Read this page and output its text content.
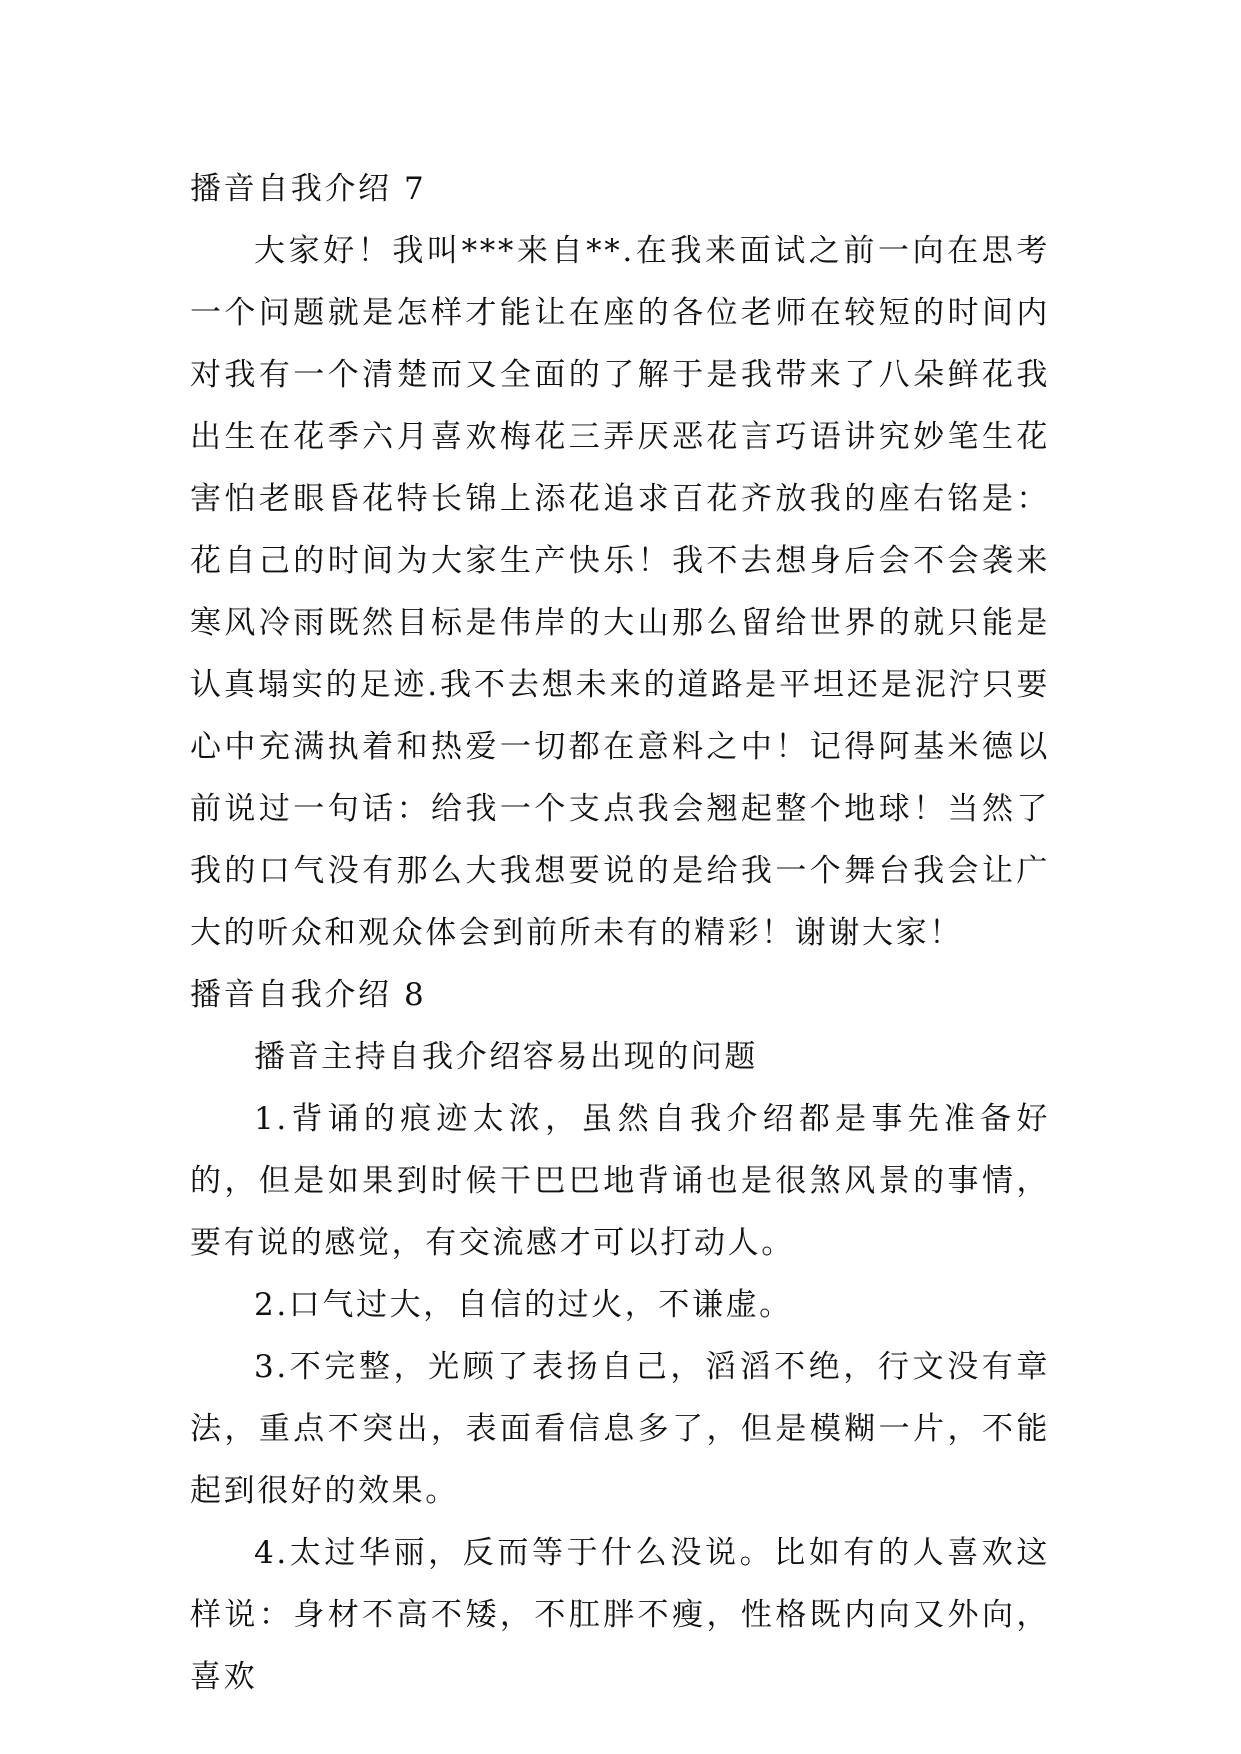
播音自我介绍 7

大家好！我叫***来自**.在我来面试之前一向在思考一个问题就是怎样才能让在座的各位老师在较短的时间内对我有一个清楚而又全面的了解于是我带来了八朵鲜花我出生在花季六月喜欢梅花三弄厌恶花言巧语讲究妙笔生花害怕老眼昏花特长锦上添花追求百花齐放我的座右铭是：花自己的时间为大家生产快乐！我不去想身后会不会袭来寒风冷雨既然目标是伟岸的大山那么留给世界的就只能是认真塌实的足迹.我不去想未来的道路是平坦还是泥泞只要心中充满执着和热爱一切都在意料之中！记得阿基米德以前说过一句话：给我一个支点我会翘起整个地球！当然了我的口气没有那么大我想要说的是给我一个舞台我会让广大的听众和观众体会到前所未有的精彩！谢谢大家！

播音自我介绍 8

播音主持自我介绍容易出现的问题

1.背诵的痕迹太浓，虽然自我介绍都是事先准备好的，但是如果到时候干巴巴地背诵也是很煞风景的事情，要有说的感觉，有交流感才可以打动人。

2.口气过大，自信的过火，不谦虚。

3.不完整，光顾了表扬自己，滔滔不绝，行文没有章法，重点不突出，表面看信息多了，但是模糊一片，不能起到很好的效果。

4.太过华丽，反而等于什么没说。比如有的人喜欢这样说：身材不高不矮，不肛胖不瘦，性格既内向又外向，喜欢
